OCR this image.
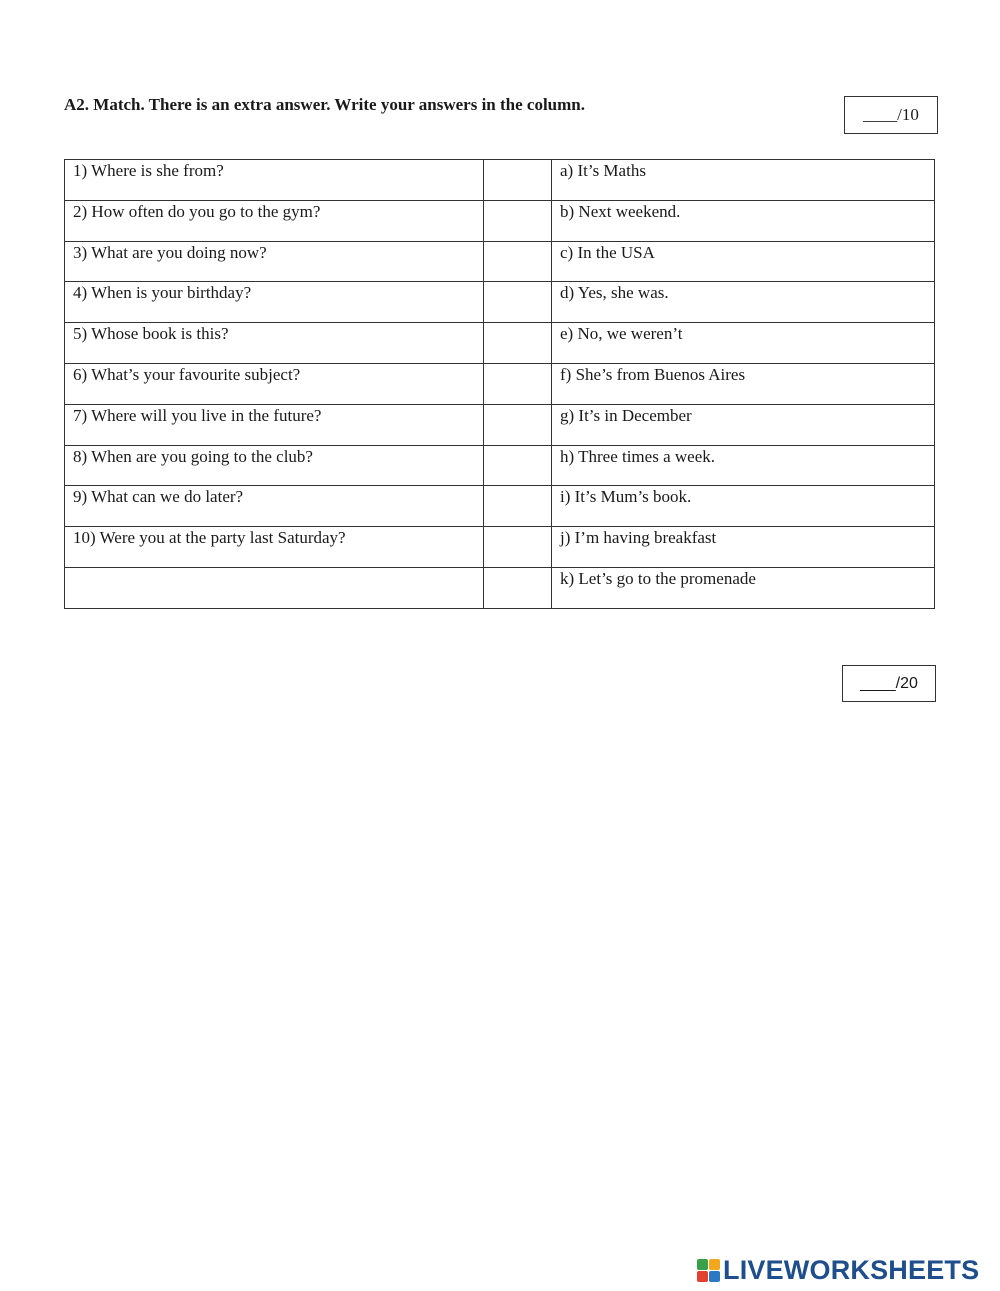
A2. Match. There is an extra answer. Write your answers in the column.
____/10
1) Where is she from?		a) It’s Maths
2) How often do you go to the gym?		b) Next weekend.
3) What are you doing now?		c) In the USA
4) When is your birthday?		d) Yes, she was.
5) Whose book is this?		e) No, we weren’t
6) What’s your favourite subject?		f) She’s from Buenos Aires
7) Where will you live in the future?		g) It’s in December
8) When are you going to the club?		h) Three times a week.
9) What can we do later?		i) It’s Mum’s book.
10) Were you at the party last Saturday?		j) I’m having breakfast
		k) Let’s go to the promenade
____/20
LIVEWORKSHEETS
